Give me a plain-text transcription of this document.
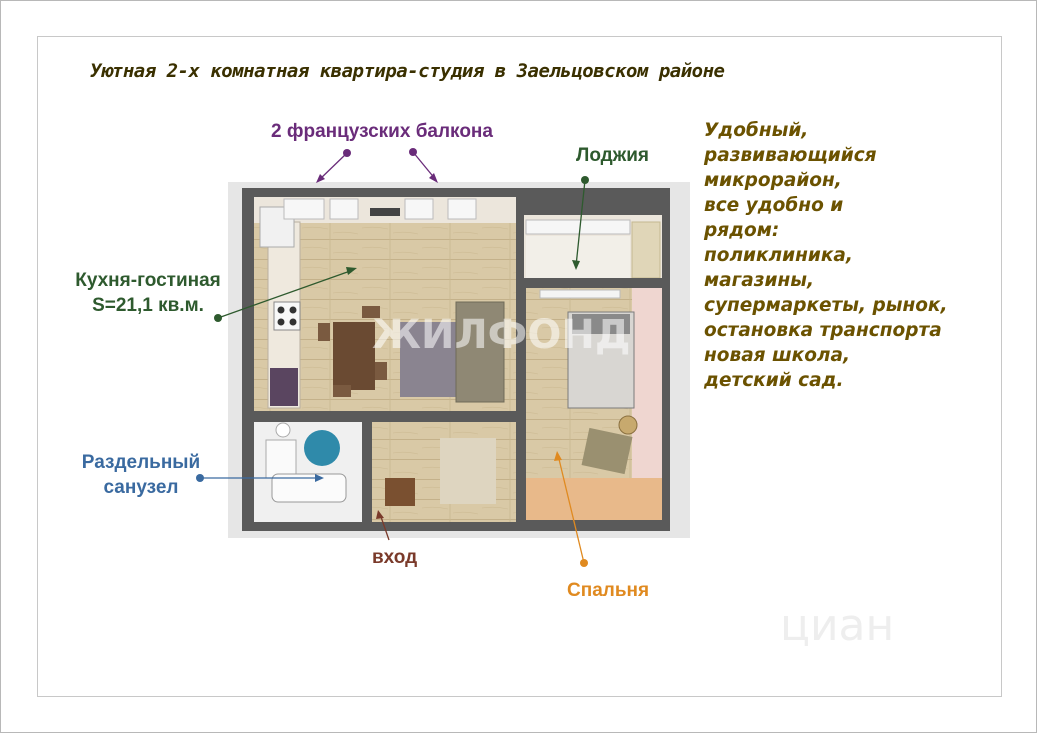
Уютная 2-х комнатная квартира-студия в Заельцовском районе
ЖИЛФОНД
циан
2 французских балкона
Лоджия
Кухня-гостиная
S=21,1 кв.м.
Раздельный
санузел
вход
Спальня
Удобный,
развивающийся
микрорайон,
все удобно и
рядом:
поликлиника,
магазины,
супермаркеты, рынок,
остановка транспорта
новая школа,
детский сад.
